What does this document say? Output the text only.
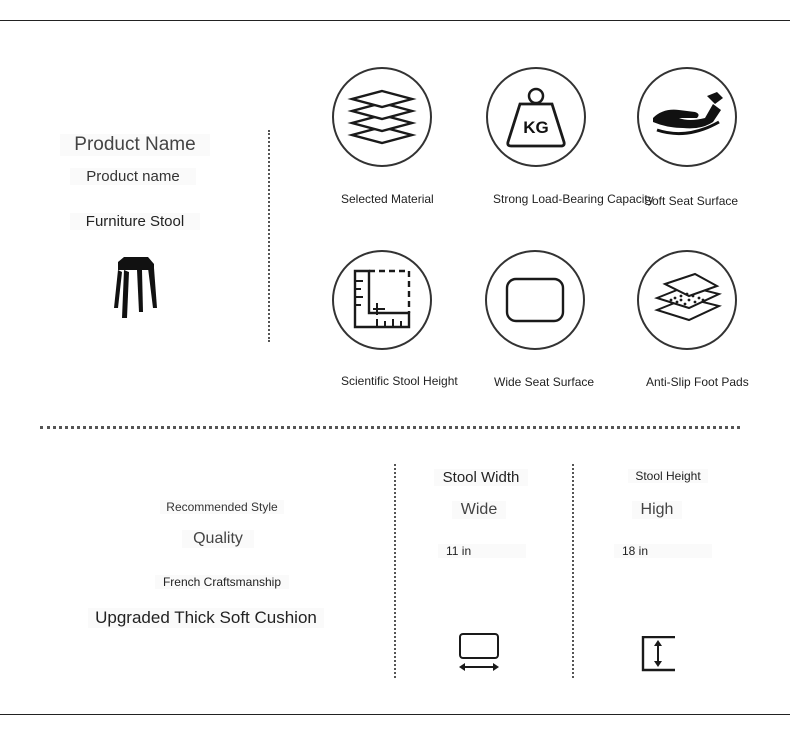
Product Name
Product name
Furniture Stool
Selected Material
KG
Strong Load-Bearing Capacity
Soft Seat Surface
Scientific Stool Height	Wide Seat Surface	Anti-Slip Foot Pads
Recommended Style
Quality
French Craftsmanship
Upgraded Thick Soft Cushion
Stool Width
Wide
11 in
Stool Height
High
18 in
